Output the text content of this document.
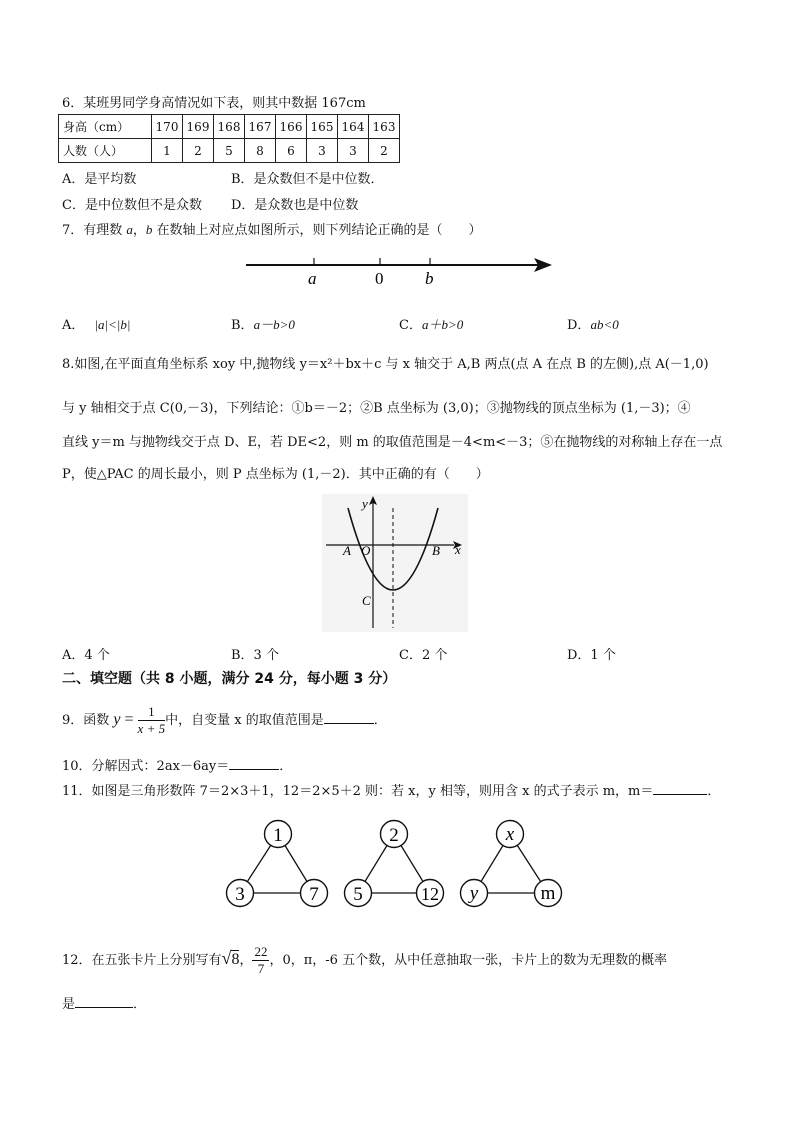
6．某班男同学身高情况如下表，则其中数据 167cm
身高（cm）	170	169	168	167	166	165	164	163
人数（人）	1	2	5	8	6	3	3	2
A．是平均数	B．是众数但不是中位数．
C．是中位数但不是众数 D．是众数也是中位数
7．有理数 a，b 在数轴上对应点如图所示，则下列结论正确的是（　　）
a	0 b
A． |a|<|b|	B．a－b>0	C．a＋b>0	D．ab<0
8.如图,在平面直角坐标系 xoy 中,抛物线 y＝x²＋bx＋c 与 x 轴交于 A,B 两点(点 A 在点 B 的左侧),点 A(－1,0)
与 y 轴相交于点 C(0,－3)，下列结论：①b＝－2；②B 点坐标为 (3,0)；③抛物线的顶点坐标为 (1,－3)；④
直线 y＝m 与抛物线交于点 D、E，若 DE<2，则 m 的取值范围是－4<m<－3；⑤在抛物线的对称轴上存在一点
P，使△PAC 的周长最小，则 P 点坐标为 (1,－2)．其中正确的有（　　）
y
x
A O	B
C
A．4 个	B．3 个	C．2 个	D．1 个
二、填空题（共 8 小题，满分 24 分，每小题 3 分）
9．函数 $y = \frac{1}{x + 5}$ 中，自变量 x 的取值范围是	．
10．分解因式：2ax－6ay＝	．
11．如图是三角形数阵 7＝2×3＋1，12＝2×5＋2 则：若 x，y 相等，则用含 x 的式子表示 m，m＝	．
1
3	7
2
5	12
x
y	m
12．在五张卡片上分别写有√8， $\frac{22}{7}$ ，0，π，-6 五个数，从中任意抽取一张，卡片上的数为无理数的概率
是	．
